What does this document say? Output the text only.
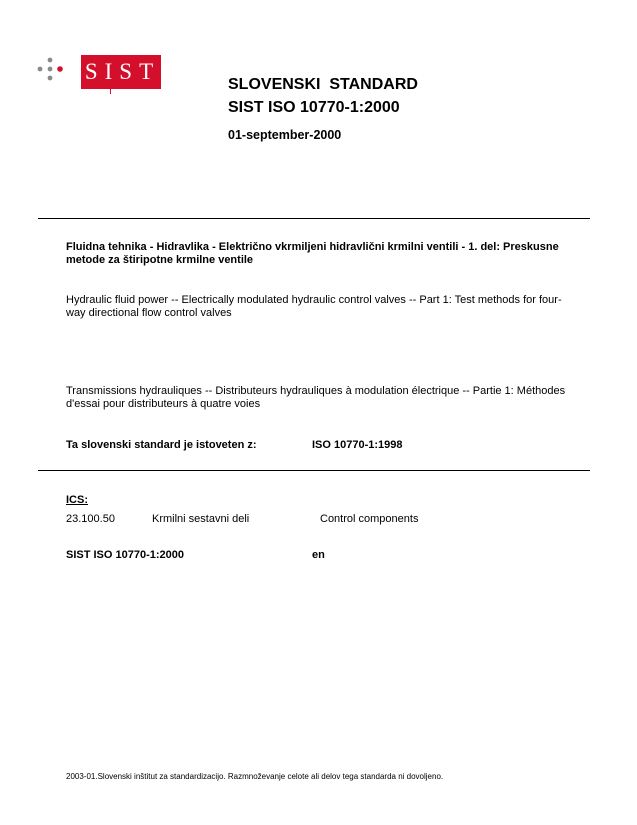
SIST
SLOVENSKI  STANDARD
SIST ISO 10770-1:2000
01-september-2000
Fluidna tehnika - Hidravlika - Električno vkrmiljeni hidravlični krmilni ventili - 1. del: Preskusne metode za štiripotne krmilne ventile
Hydraulic fluid power -- Electrically modulated hydraulic control valves -- Part 1: Test methods for four-way directional flow control valves
Transmissions hydrauliques -- Distributeurs hydrauliques à modulation électrique -- Partie 1: Méthodes d'essai pour distributeurs à quatre voies
Ta slovenski standard je istoveten z:	ISO 10770-1:1998
ICS:
23.100.50	Krmilni sestavni deli	Control components
SIST ISO 10770-1:2000	en
2003-01.Slovenski inštitut za standardizacijo. Razmnoževanje celote ali delov tega standarda ni dovoljeno.
